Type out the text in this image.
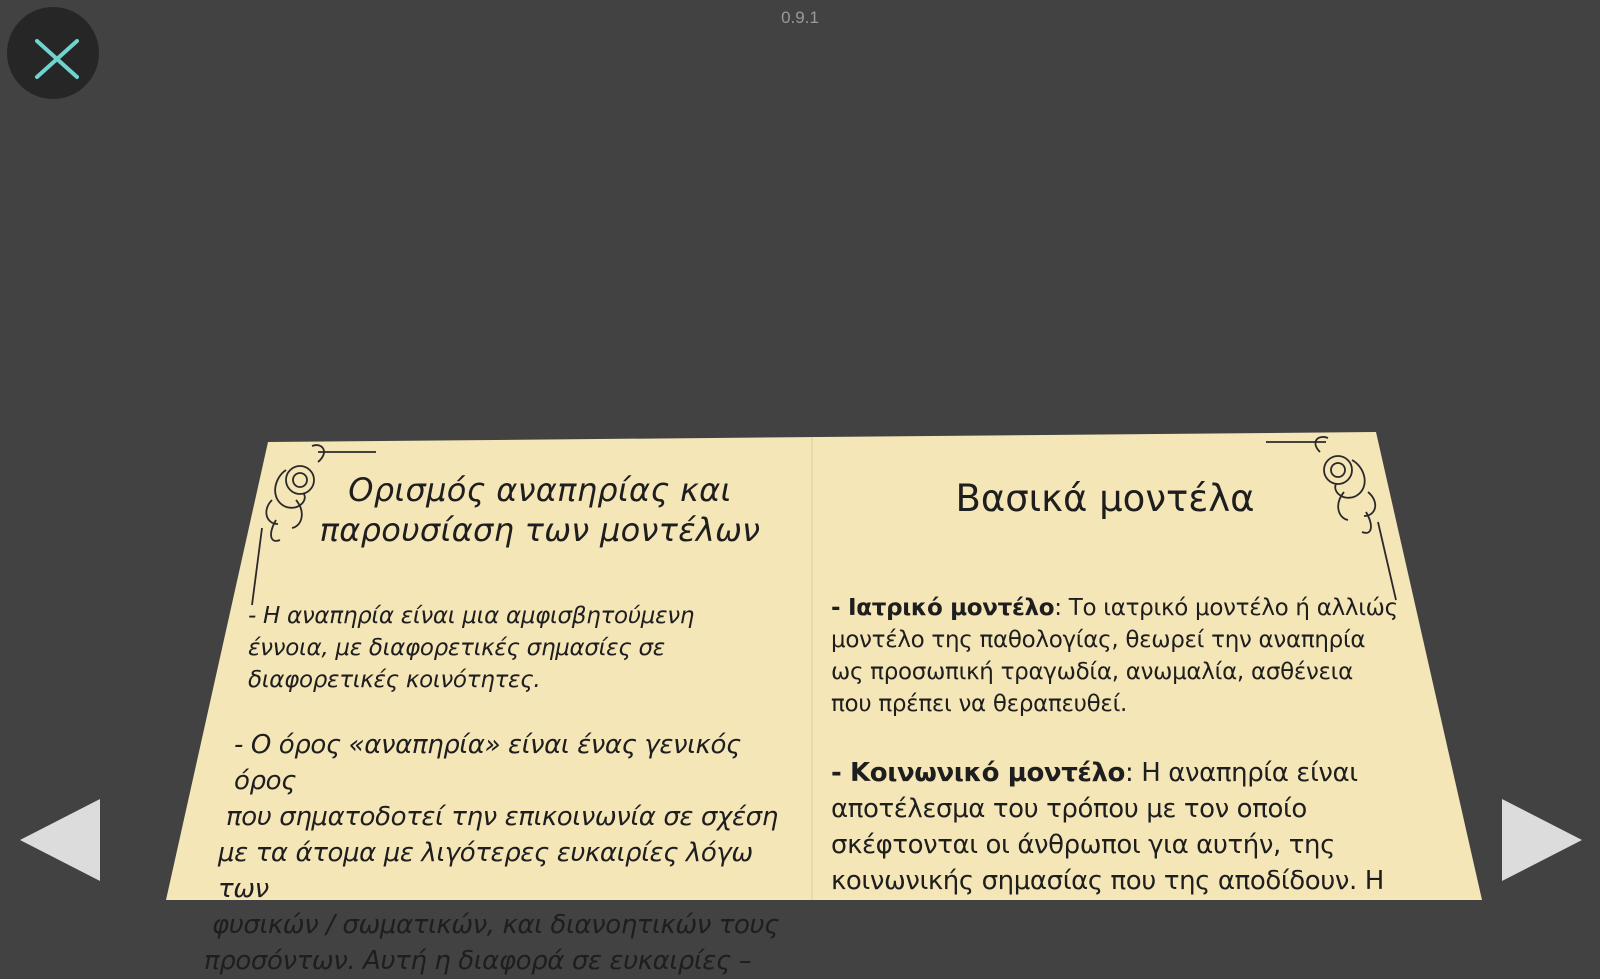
0.9.1
Ορισμός αναπηρίας και
παρουσίαση των μοντέλων
Βασικά μοντέλα
- Η αναπηρία είναι μια αμφισβητούμενη
έννοια, με διαφορετικές σημασίες σε
διαφορετικές κοινότητες.
- Ο όρος «αναπηρία» είναι ένας γενικός όρος
που σηματοδοτεί την επικοινωνία σε σχέση
με τα άτομα με λιγότερες ευκαιρίες λόγω των
φυσικών / σωματικών, και διανοητικών τους
προσόντων. Αυτή η διαφορά σε ευκαιρίες –
- Ιατρικό μοντέλο: Το ιατρικό μοντέλο ή αλλιώς
μοντέλο της παθολογίας, θεωρεί την αναπηρία
ως προσωπική τραγωδία, ανωμαλία, ασθένεια
που πρέπει να θεραπευθεί.
- Κοινωνικό μοντέλο: Η αναπηρία είναι
αποτέλεσμα του τρόπου με τον οποίο
σκέφτονται οι άνθρωποι για αυτήν, της
κοινωνικής σημασίας που της αποδίδουν. Η
